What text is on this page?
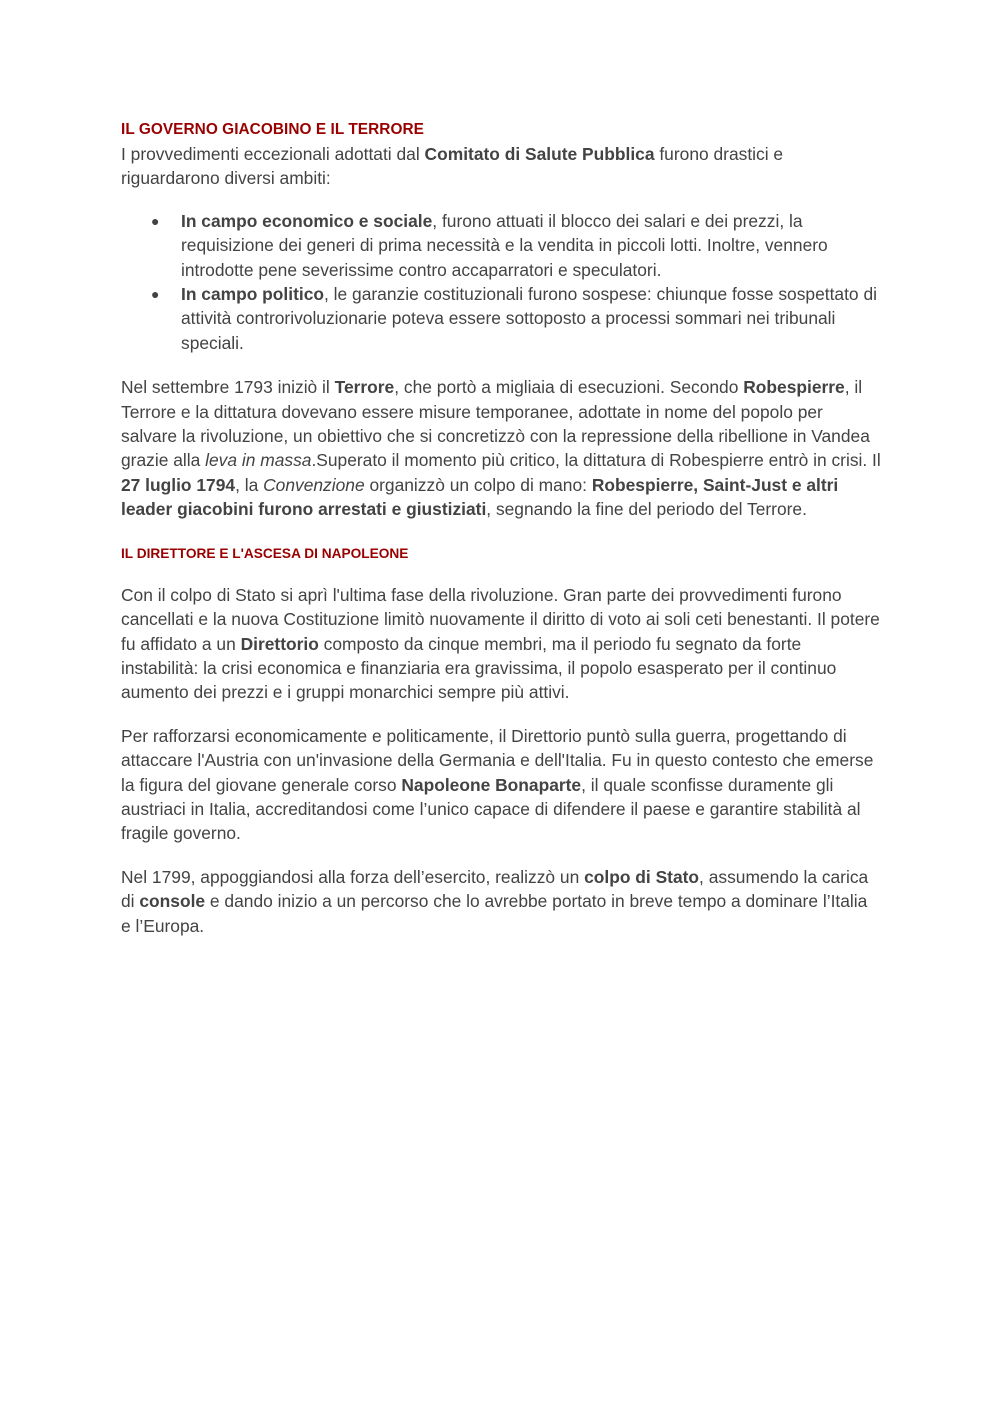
IL GOVERNO GIACOBINO E IL TERRORE

I provvedimenti eccezionali adottati dal Comitato di Salute Pubblica furono drastici e riguardarono diversi ambiti:

● In campo economico e sociale, furono attuati il blocco dei salari e dei prezzi, la requisizione dei generi di prima necessità e la vendita in piccoli lotti. Inoltre, vennero introdotte pene severissime contro accaparratori e speculatori.
● In campo politico, le garanzie costituzionali furono sospese: chiunque fosse sospettato di attività controrivoluzionarie poteva essere sottoposto a processi sommari nei tribunali speciali.

Nel settembre 1793 iniziò il Terrore, che portò a migliaia di esecuzioni. Secondo Robespierre, il Terrore e la dittatura dovevano essere misure temporanee, adottate in nome del popolo per salvare la rivoluzione, un obiettivo che si concretizzò con la repressione della ribellione in Vandea grazie alla leva in massa.Superato il momento più critico, la dittatura di Robespierre entrò in crisi. Il 27 luglio 1794, la Convenzione organizzò un colpo di mano: Robespierre, Saint-Just e altri leader giacobini furono arrestati e giustiziati, segnando la fine del periodo del Terrore.

IL DIRETTORE E L'ASCESA DI NAPOLEONE

Con il colpo di Stato si aprì l'ultima fase della rivoluzione. Gran parte dei provvedimenti furono cancellati e la nuova Costituzione limitò nuovamente il diritto di voto ai soli ceti benestanti. Il potere fu affidato a un Direttorio composto da cinque membri, ma il periodo fu segnato da forte instabilità: la crisi economica e finanziaria era gravissima, il popolo esasperato per il continuo aumento dei prezzi e i gruppi monarchici sempre più attivi.

Per rafforzarsi economicamente e politicamente, il Direttorio puntò sulla guerra, progettando di attaccare l'Austria con un'invasione della Germania e dell'Italia. Fu in questo contesto che emerse la figura del giovane generale corso Napoleone Bonaparte, il quale sconfisse duramente gli austriaci in Italia, accreditandosi come l’unico capace di difendere il paese e garantire stabilità al fragile governo.

Nel 1799, appoggiandosi alla forza dell’esercito, realizzò un colpo di Stato, assumendo la carica di console e dando inizio a un percorso che lo avrebbe portato in breve tempo a dominare l’Italia e l’Europa.
